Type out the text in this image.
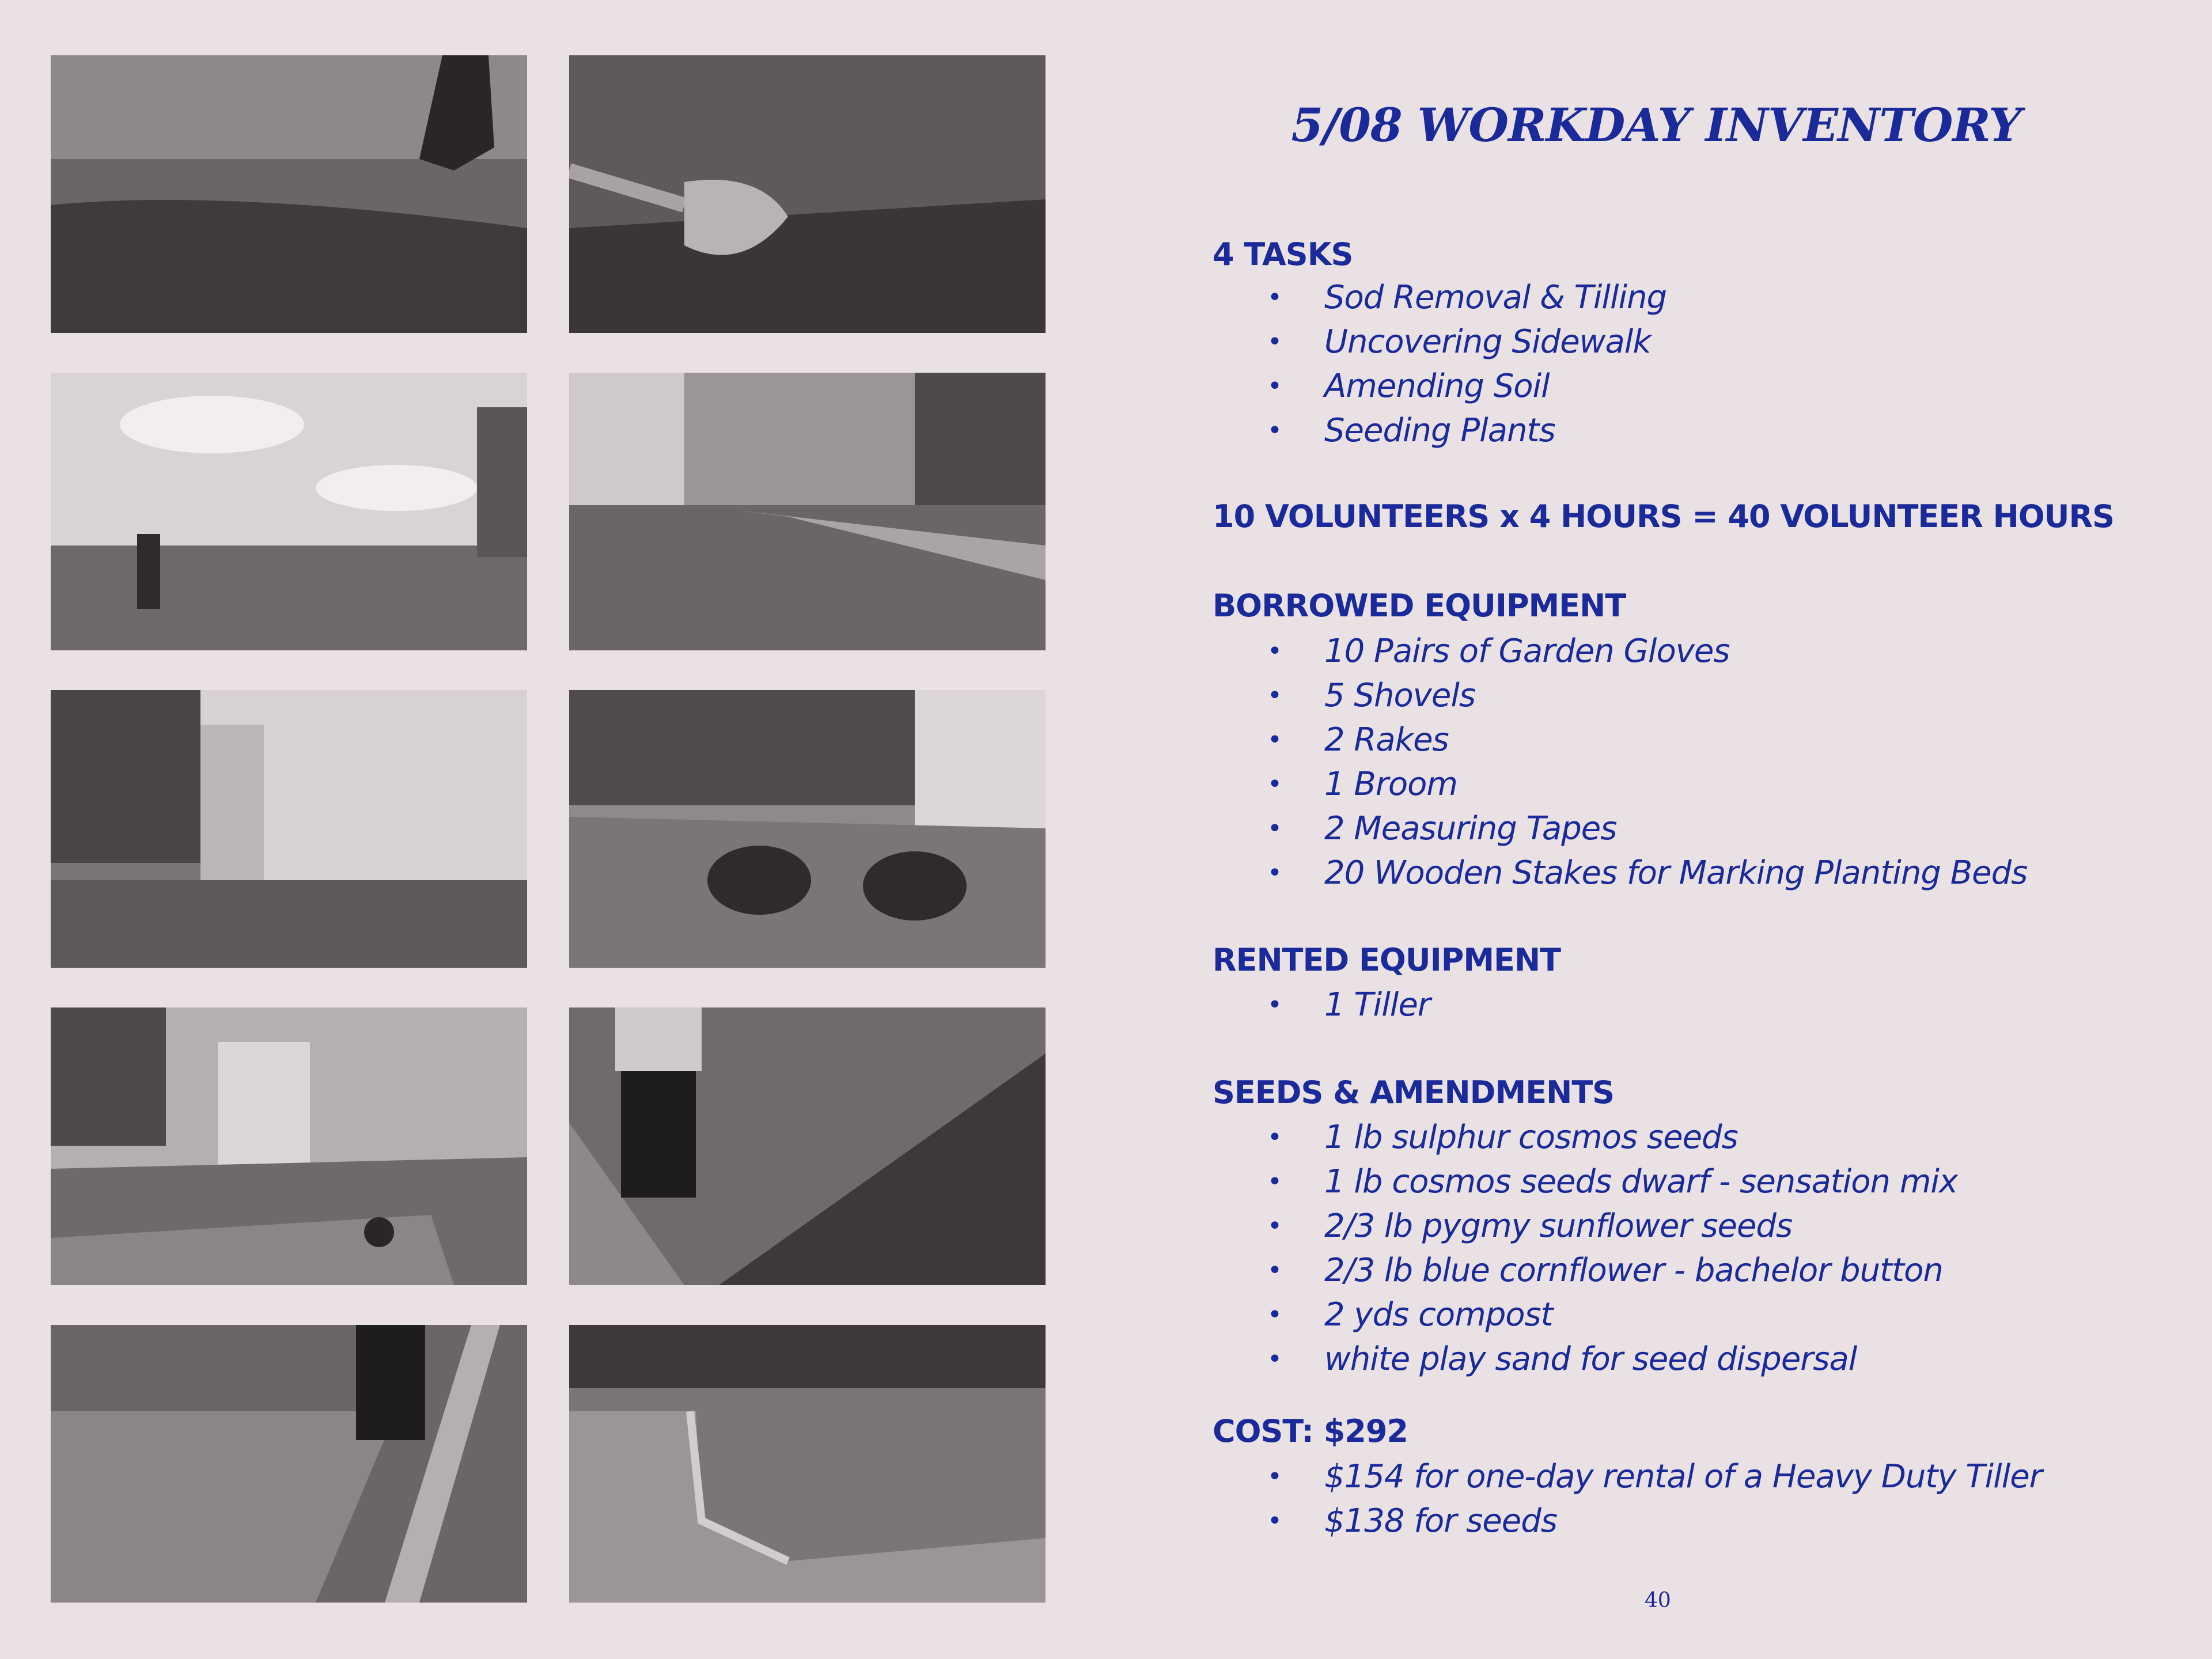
5/08 WORKDAY INVENTORY
4 TASKS
• Sod Removal & Tilling
• Uncovering Sidewalk
• Amending Soil
• Seeding Plants
10 VOLUNTEERS x 4 HOURS = 40 VOLUNTEER HOURS
BORROWED EQUIPMENT
• 10 Pairs of Garden Gloves
• 5 Shovels
• 2 Rakes
• 1 Broom
• 2 Measuring Tapes
• 20 Wooden Stakes for Marking Planting Beds
RENTED EQUIPMENT
• 1 Tiller
SEEDS & AMENDMENTS
• 1 lb sulphur cosmos seeds
• 1 lb cosmos seeds dwarf - sensation mix
• 2/3 lb pygmy sunflower seeds
• 2/3 lb blue cornflower - bachelor button
• 2 yds compost
• white play sand for seed dispersal
COST: $292
• $154 for one-day rental of a Heavy Duty Tiller
• $138 for seeds
40
